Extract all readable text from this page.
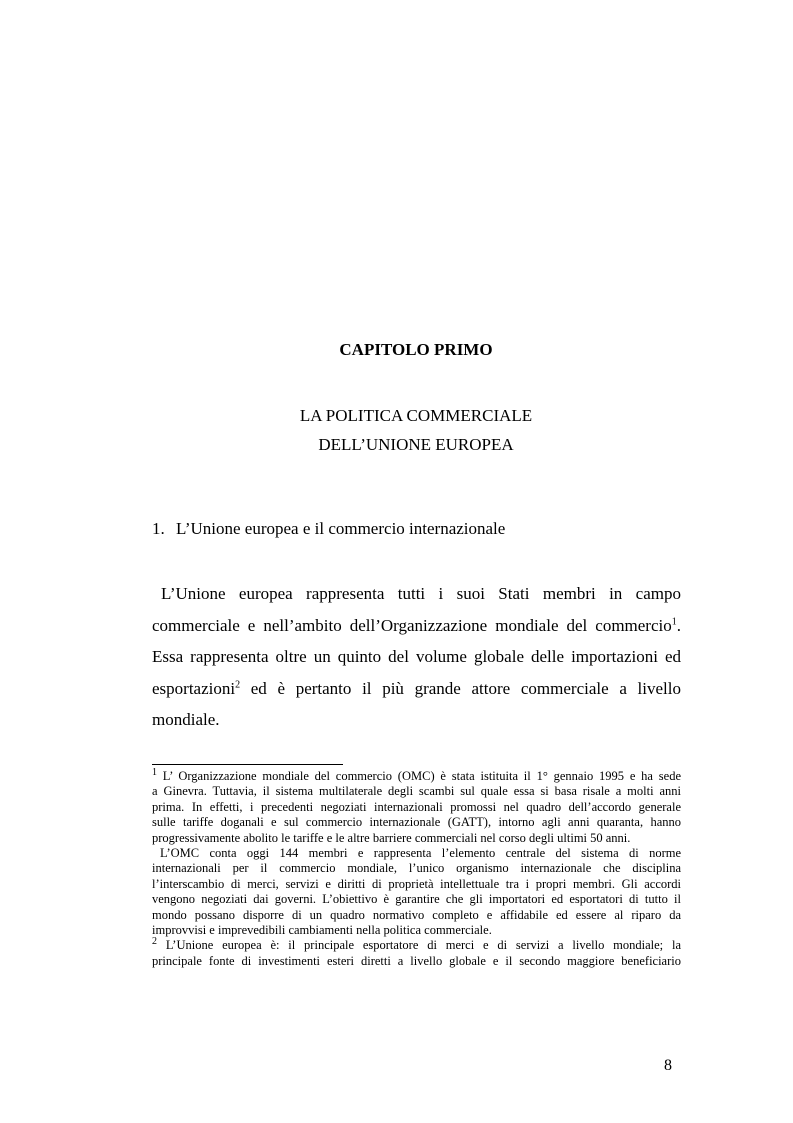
CAPITOLO PRIMO
LA POLITICA COMMERCIALE
DELL’UNIONE EUROPEA
1. L’Unione europea e il commercio internazionale
L’Unione europea rappresenta tutti i suoi Stati membri in campo
commerciale e nell’ambito dell’Organizzazione mondiale del commercio$^1$.
Essa rappresenta oltre un quinto del volume globale delle importazioni ed
esportazioni$^2$ ed è pertanto il più grande attore commerciale a livello
mondiale.
$^1$ L’ Organizzazione mondiale del commercio (OMC) è stata istituita il 1° gennaio 1995 e ha sede
a Ginevra. Tuttavia, il sistema multilaterale degli scambi sul quale essa si basa risale a molti anni
prima. In effetti, i precedenti negoziati internazionali promossi nel quadro dell’accordo generale
sulle tariffe doganali e sul commercio internazionale (GATT), intorno agli anni quaranta, hanno
progressivamente abolito le tariffe e le altre barriere commerciali nel corso degli ultimi 50 anni.
L’OMC conta oggi 144 membri e rappresenta l’elemento centrale del sistema di norme
internazionali per il commercio mondiale, l’unico organismo internazionale che disciplina
l’interscambio di merci, servizi e diritti di proprietà intellettuale tra i propri membri. Gli accordi
vengono negoziati dai governi. L’obiettivo è garantire che gli importatori ed esportatori di tutto il
mondo possano disporre di un quadro normativo completo e affidabile ed essere al riparo da
improvvisi e imprevedibili cambiamenti nella politica commerciale.
$^2$ L’Unione europea è: il principale esportatore di merci e di servizi a livello mondiale; la
principale fonte di investimenti esteri diretti a livello globale e il secondo maggiore beneficiario
8
